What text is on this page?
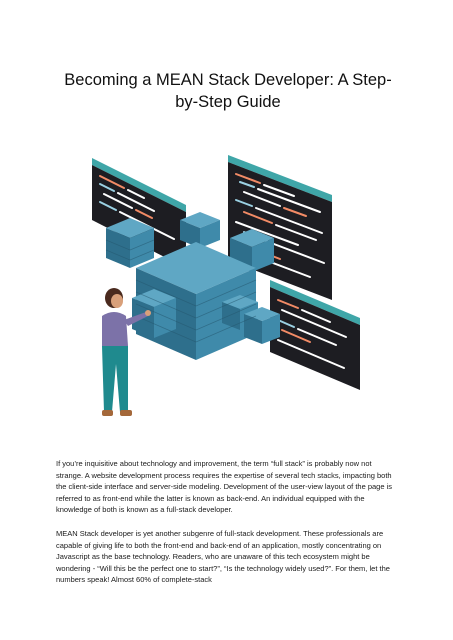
Becoming a MEAN Stack Developer: A Step-by-Step Guide
If you’re inquisitive about technology and improvement, the term “full stack” is probably now not strange. A website development process requires the expertise of several tech stacks, impacting both the client-side interface and server-side modeling. Development of the user-view layout of the page is referred to as front-end while the latter is known as back-end. An individual equipped with the knowledge of both is known as a full-stack developer.
MEAN Stack developer is yet another subgenre of full-stack development. These professionals are capable of giving life to both the front-end and back-end of an application, mostly concentrating on Javascript as the base technology. Readers, who are unaware of this tech ecosystem might be wondering - “Will this be the perfect one to start?”, “Is the technology widely used?”. For them, let the numbers speak! Almost 60% of complete-stack
